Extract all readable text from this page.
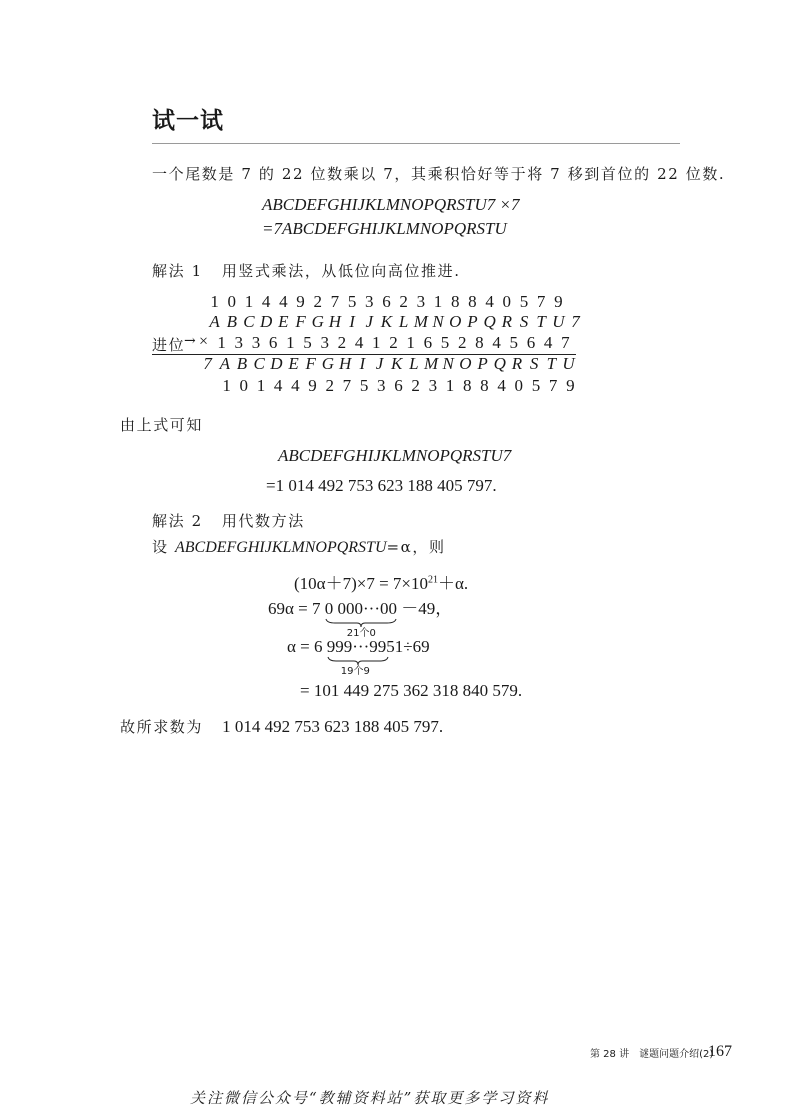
试一试
一个尾数是 7 的 22 位数乘以 7，其乘积恰好等于将 7 移到首位的 22 位数.
ABCDEFGHIJKLMNOPQRSTU7 ×7
=7ABCDEFGHIJKLMNOPQRSTU
解法 1 用竖式乘法，从低位向高位推进.
1 0 1 4 4 9 2 7 5 3 6 2 3 1 8 8 4 0 5 7 9
A B C D E F G H I J K L M N O P Q R S T U 7
进位
→ × 1 3 3 6 1 5 3 2 4 1 2 1 6 5 2 8 4 5 6 4 7
7 A B C D E F G H I J K L M N O P Q R S T U
1 0 1 4 4 9 2 7 5 3 6 2 3 1 8 8 4 0 5 7 9
由上式可知
ABCDEFGHIJKLMNOPQRSTU7
=1 014 492 753 623 188 405 797.
解法 2 用代数方法
设 ABCDEFGHIJKLMNOPQRSTU=α，则
$(10\alpha+7)\times 7 = 7\times 10^{21}+\alpha$.
69α = 7 0 000···00
21个0
－49，
α = 6 999···99
19个9
51÷69
= 101 449 275 362 318 840 579.
故所求数为 1 014 492 753 623 188 405 797.
第 28 讲　谜题问题介绍(2)
167
关注微信公众号“教辅资料站”获取更多学习资料
